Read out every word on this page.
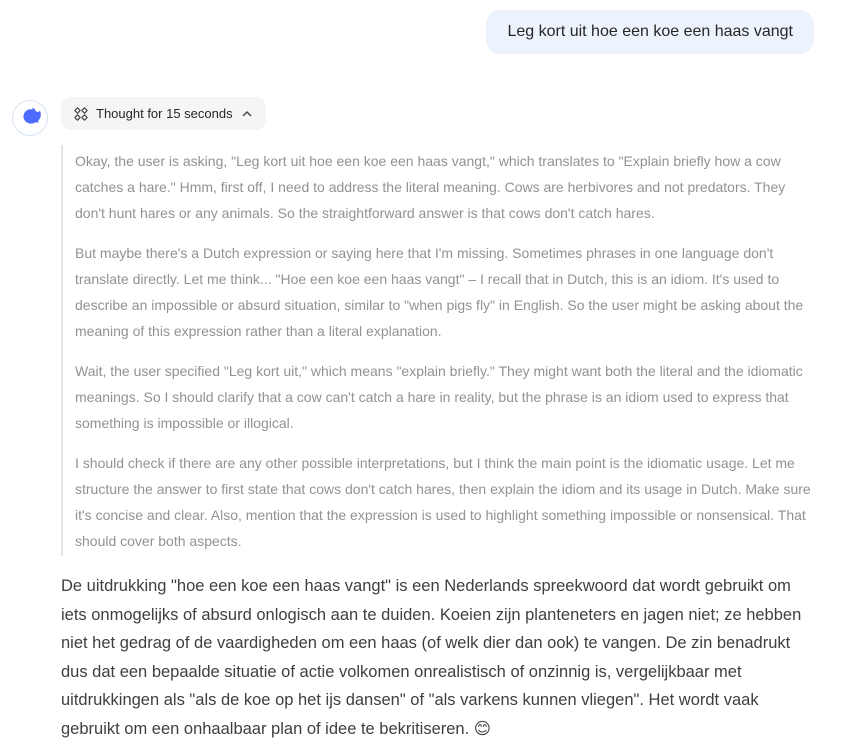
Leg kort uit hoe een koe een haas vangt
Thought for 15 seconds

Okay, the user is asking, "Leg kort uit hoe een koe een haas vangt," which translates to "Explain briefly how a cow catches a hare." Hmm, first off, I need to address the literal meaning. Cows are herbivores and not predators. They don't hunt hares or any animals. So the straightforward answer is that cows don't catch hares.

But maybe there's a Dutch expression or saying here that I'm missing. Sometimes phrases in one language don't translate directly. Let me think... "Hoe een koe een haas vangt" – I recall that in Dutch, this is an idiom. It's used to describe an impossible or absurd situation, similar to "when pigs fly" in English. So the user might be asking about the meaning of this expression rather than a literal explanation.

Wait, the user specified "Leg kort uit," which means "explain briefly." They might want both the literal and the idiomatic meanings. So I should clarify that a cow can't catch a hare in reality, but the phrase is an idiom used to express that something is impossible or illogical.

I should check if there are any other possible interpretations, but I think the main point is the idiomatic usage. Let me structure the answer to first state that cows don't catch hares, then explain the idiom and its usage in Dutch. Make sure it's concise and clear. Also, mention that the expression is used to highlight something impossible or nonsensical. That should cover both aspects.

De uitdrukking "hoe een koe een haas vangt" is een Nederlands spreekwoord dat wordt gebruikt om iets onmogelijks of absurd onlogisch aan te duiden. Koeien zijn planteneters en jagen niet; ze hebben niet het gedrag of de vaardigheden om een haas (of welk dier dan ook) te vangen. De zin benadrukt dus dat een bepaalde situatie of actie volkomen onrealistisch of onzinnig is, vergelijkbaar met uitdrukkingen als "als de koe op het ijs dansen" of "als varkens kunnen vliegen". Het wordt vaak gebruikt om een onhaalbaar plan of idee te bekritiseren. 😊
